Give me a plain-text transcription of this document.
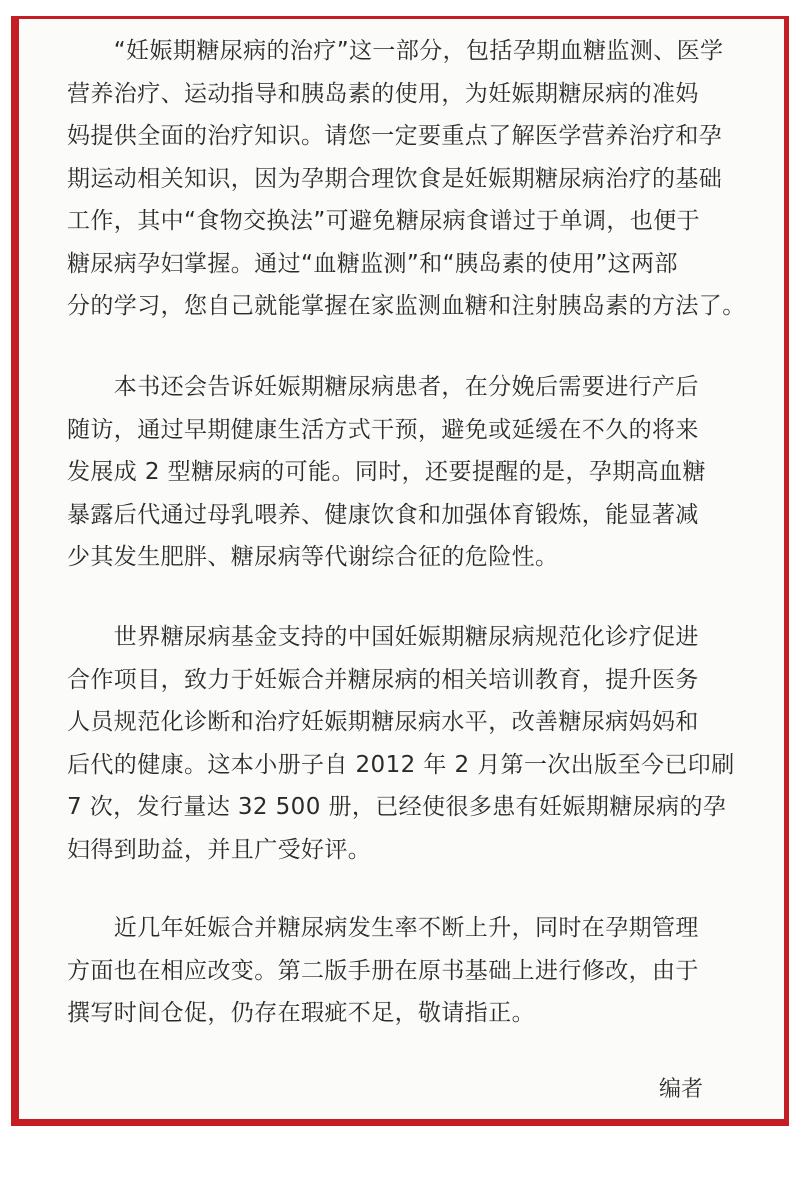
　　“妊娠期糖尿病的治疗”这一部分，包括孕期血糖监测、医学
营养治疗、运动指导和胰岛素的使用，为妊娠期糖尿病的准妈
妈提供全面的治疗知识。请您一定要重点了解医学营养治疗和孕
期运动相关知识，因为孕期合理饮食是妊娠期糖尿病治疗的基础
工作，其中“食物交换法”可避免糖尿病食谱过于单调，也便于
糖尿病孕妇掌握。通过“血糖监测”和“胰岛素的使用”这两部
分的学习，您自己就能掌握在家监测血糖和注射胰岛素的方法了。
　　本书还会告诉妊娠期糖尿病患者，在分娩后需要进行产后
随访，通过早期健康生活方式干预，避免或延缓在不久的将来
发展成 2 型糖尿病的可能。同时，还要提醒的是，孕期高血糖
暴露后代通过母乳喂养、健康饮食和加强体育锻炼，能显著减
少其发生肥胖、糖尿病等代谢综合征的危险性。
　　世界糖尿病基金支持的中国妊娠期糖尿病规范化诊疗促进
合作项目，致力于妊娠合并糖尿病的相关培训教育，提升医务
人员规范化诊断和治疗妊娠期糖尿病水平，改善糖尿病妈妈和
后代的健康。这本小册子自 2012 年 2 月第一次出版至今已印刷
7 次，发行量达 32 500 册，已经使很多患有妊娠期糖尿病的孕
妇得到助益，并且广受好评。
　　近几年妊娠合并糖尿病发生率不断上升，同时在孕期管理
方面也在相应改变。第二版手册在原书基础上进行修改，由于
撰写时间仓促，仍存在瑕疵不足，敬请指正。
编者
